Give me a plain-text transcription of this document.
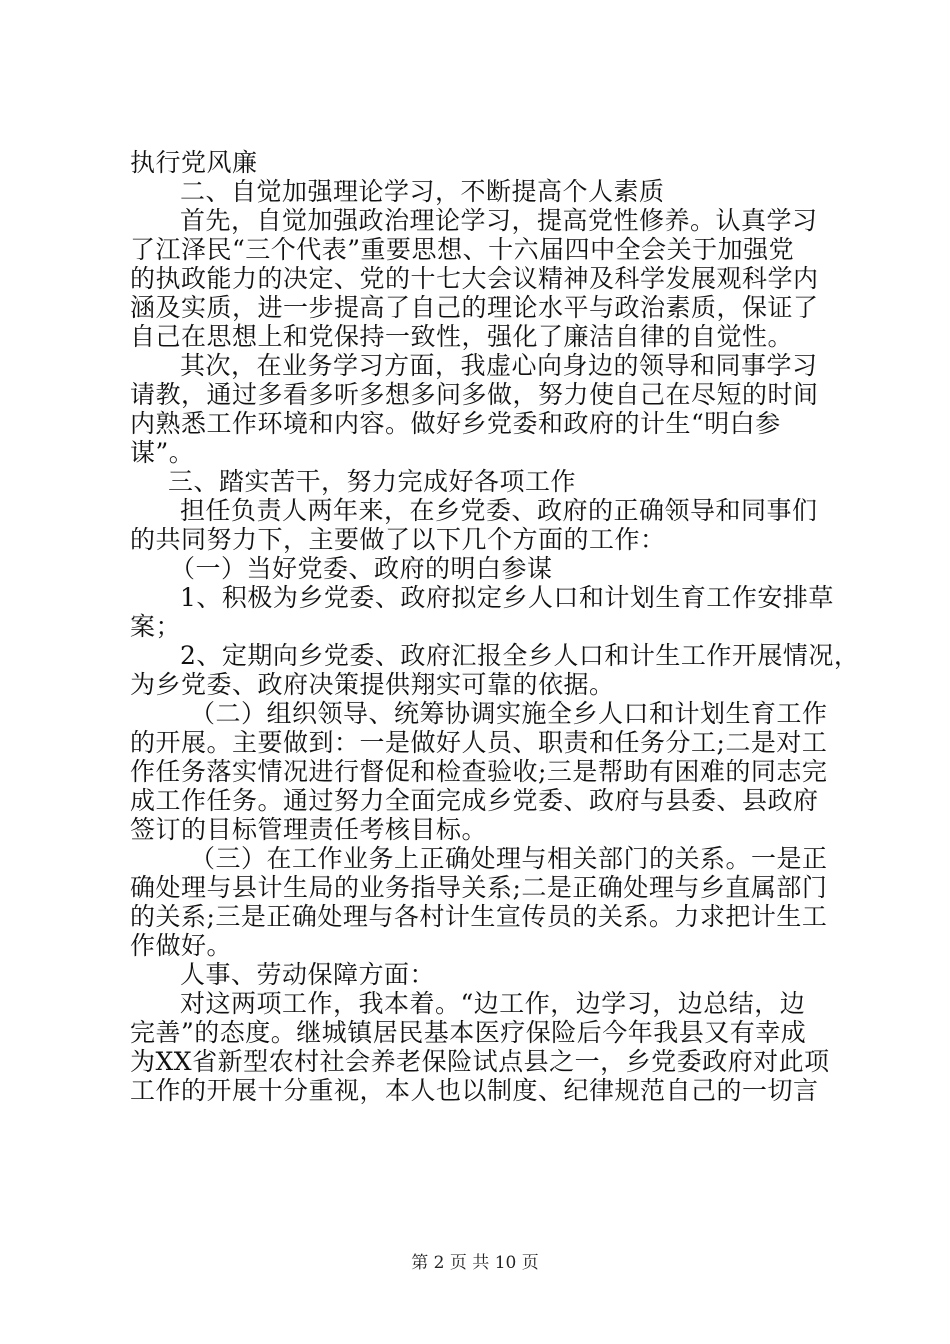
执行党风廉
二、自觉加强理论学习，不断提高个人素质
首先，自觉加强政治理论学习，提高党性修养。认真学习
了江泽民“三个代表”重要思想、十六届四中全会关于加强党
的执政能力的决定、党的十七大会议精神及科学发展观科学内
涵及实质，进一步提高了自己的理论水平与政治素质，保证了
自己在思想上和党保持一致性，强化了廉洁自律的自觉性。
其次，在业务学习方面，我虚心向身边的领导和同事学习
请教，通过多看多听多想多问多做，努力使自己在尽短的时间
内熟悉工作环境和内容。做好乡党委和政府的计生“明白参
谋”。
三、踏实苦干，努力完成好各项工作
担任负责人两年来，在乡党委、政府的正确领导和同事们
的共同努力下，主要做了以下几个方面的工作：
（一）当好党委、政府的明白参谋
1、积极为乡党委、政府拟定乡人口和计划生育工作安排草
案；
2、定期向乡党委、政府汇报全乡人口和计生工作开展情况，
为乡党委、政府决策提供翔实可靠的依据。
（二）组织领导、统筹协调实施全乡人口和计划生育工作
的开展。主要做到：一是做好人员、职责和任务分工;二是对工
作任务落实情况进行督促和检查验收;三是帮助有困难的同志完
成工作任务。通过努力全面完成乡党委、政府与县委、县政府
签订的目标管理责任考核目标。
（三）在工作业务上正确处理与相关部门的关系。一是正
确处理与县计生局的业务指导关系;二是正确处理与乡直属部门
的关系;三是正确处理与各村计生宣传员的关系。力求把计生工
作做好。
人事、劳动保障方面：
对这两项工作，我本着。“边工作，边学习，边总结，边
完善”的态度。继城镇居民基本医疗保险后今年我县又有幸成
为XX省新型农村社会养老保险试点县之一，乡党委政府对此项
工作的开展十分重视，本人也以制度、纪律规范自己的一切言
第 2 页 共 10 页
